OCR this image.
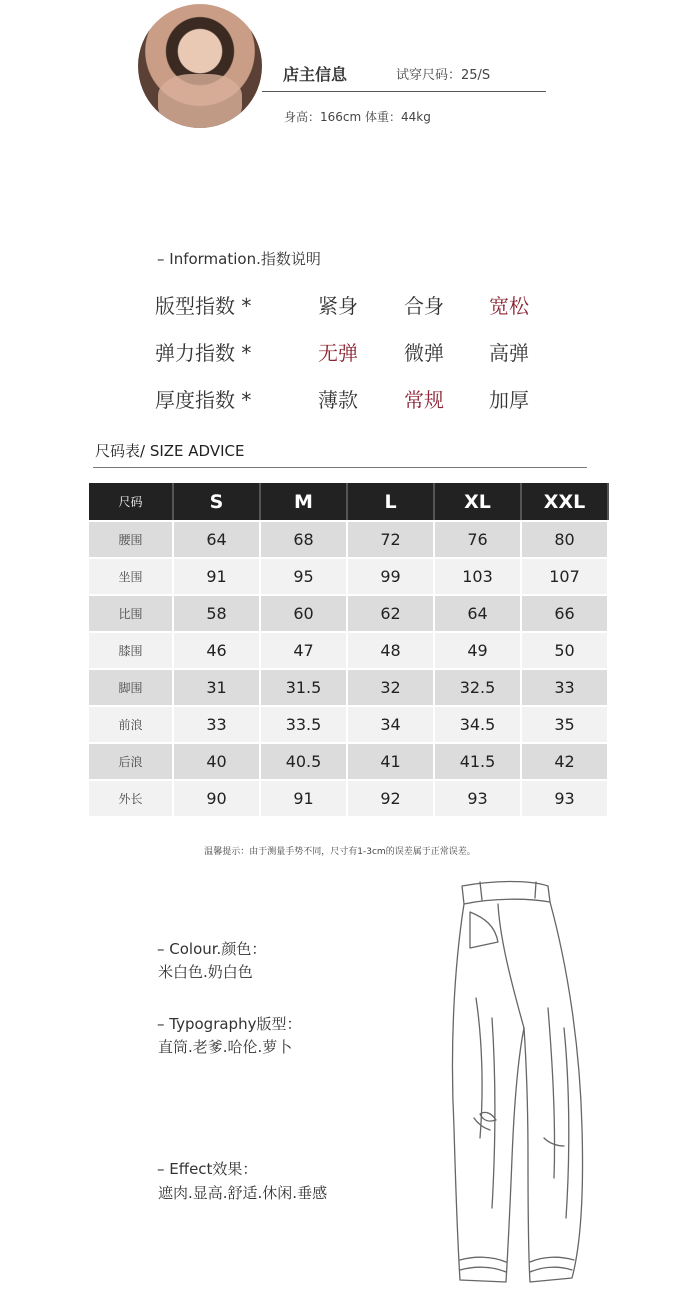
店主信息	试穿尺码：25/S
身高：166cm 体重：44kg
– Information.指数说明
版型指数 *	紧身 合身 宽松
弹力指数 *	无弹 微弹 高弹
厚度指数 *	薄款 常规 加厚
尺码表/ SIZE ADVICE
尺码	S	M	L	XL	XXL
腰围	64	68	72	76	80
坐围	91	95	99	103	107
比围	58	60	62	64	66
膝围	46	47	48	49	50
脚围	31	31.5	32	32.5	33
前浪	33	33.5	34	34.5	35
后浪	40	40.5	41	41.5	42
外长	90	91	92	93	93
温馨提示：由于测量手势不同，尺寸有1-3cm的误差属于正常误差。
– Colour.颜色：
米白色.奶白色
– Typography版型：
直筒.老爹.哈伦.萝卜
– Effect效果：
遮肉.显高.舒适.休闲.垂感
